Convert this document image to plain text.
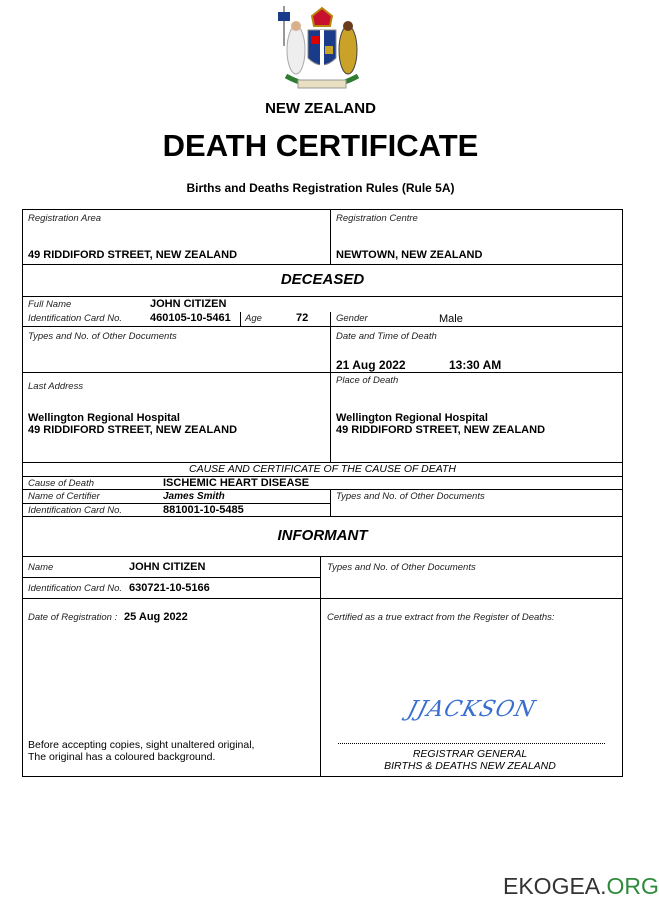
NEW ZEALAND
DEATH CERTIFICATE
Births and Deaths Registration Rules (Rule 5A)
Registration Area
49 RIDDIFORD STREET, NEW ZEALAND
Registration Centre
NEWTOWN, NEW ZEALAND
DECEASED
Full Name	JOHN CITIZEN
Identification Card No.	460105-10-5461 Age	72	Gender	Male
Types and No. of Other Documents	Date and Time of Death
21 Aug 2022	13:30 AM
Last Address
Wellington Regional Hospital
49 RIDDIFORD STREET, NEW ZEALAND
Place of Death
Wellington Regional Hospital
49 RIDDIFORD STREET, NEW ZEALAND
CAUSE AND CERTIFICATE OF THE CAUSE OF DEATH
Cause of Death	ISCHEMIC HEART DISEASE
Name of Certifier	James Smith
Identification Card No.	881001-10-5485
Types and No. of Other Documents
INFORMANT
Name	JOHN CITIZEN
Identification Card No. 630721-10-5166
Types and No. of Other Documents
Date of Registration : 25 Aug 2022
Before accepting copies, sight unaltered original,
The original has a coloured background.
Certified as a true extract from the Register of Deaths:
JJACKSON
REGISTRAR GENERAL
BIRTHS & DEATHS NEW ZEALAND
EKOGEA.ORG
